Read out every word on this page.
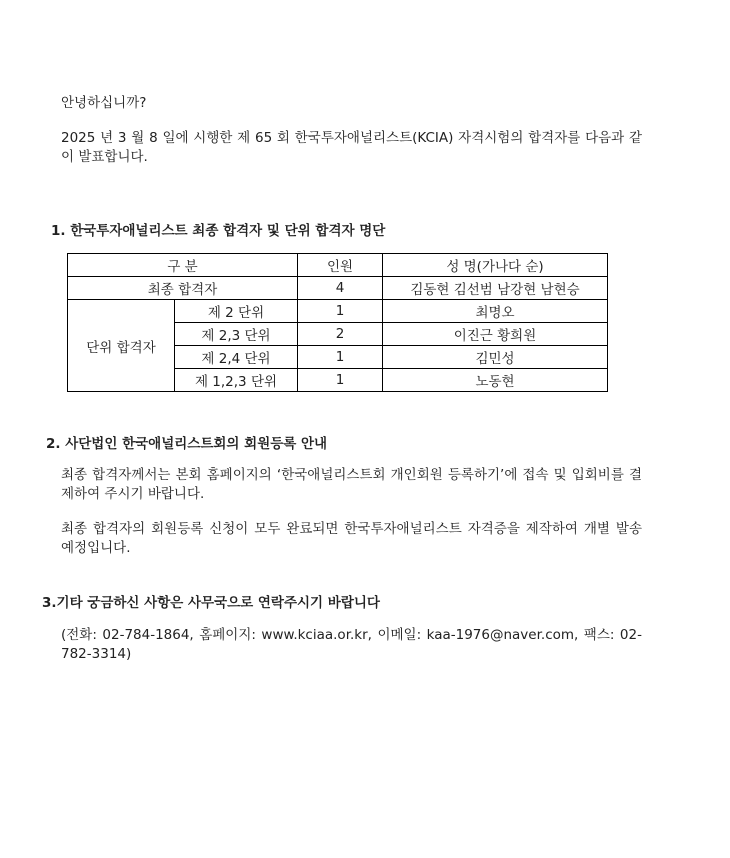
안녕하십니까?

2025 년 3 월 8 일에 시행한 제 65 회 한국투자애널리스트(KCIA) 자격시험의 합격자를 다음과 같이 발표합니다.

1. 한국투자애널리스트 최종 합격자 및 단위 합격자 명단

구 분		인원	성 명(가나다 순)
최종 합격자		4	김동현 김선범 남강현 남현승
단위 합격자	제 2 단위	1	최명오
	제 2,3 단위	2	이진근 황희원
	제 2,4 단위	1	김민성
	제 1,2,3 단위	1	노동현

2. 사단법인 한국애널리스트회의 회원등록 안내

최종 합격자께서는 본회 홈페이지의 ‘한국애널리스트회 개인회원 등록하기’에 접속 및 입회비를 결제하여 주시기 바랍니다.

최종 합격자의 회원등록 신청이 모두 완료되면 한국투자애널리스트 자격증을 제작하여 개별 발송 예정입니다.

3.기타 궁금하신 사항은 사무국으로 연락주시기 바랍니다

(전화: 02-784-1864, 홈페이지: www.kciaa.or.kr, 이메일: kaa-1976@naver.com, 팩스: 02-782-3314)
